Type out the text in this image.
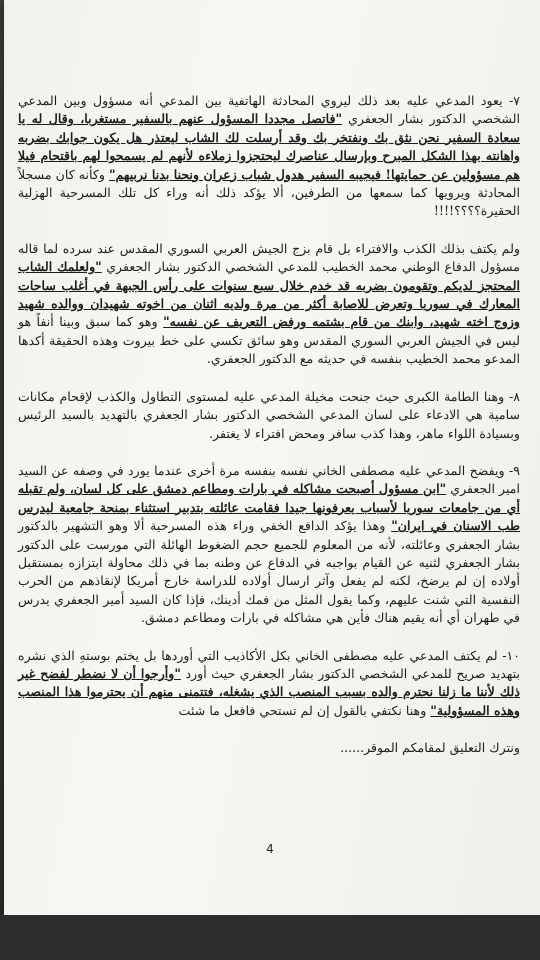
٧- يعود المدعي عليه بعد ذلك ليروي المحادثة الهاتفية بين المدعي أنه مسؤول وبين المدعي الشخصي الدكتور بشار الجعفري "فاتصل مجددا المسؤول عنهم بالسفير مستغربا، وقال له يا سعادة السفير نحن نثق بك ونفتخر بك وقد أرسلت لك الشاب ليعتذر هل يكون جوابك بضربه واهانته بهذا الشكل المبرح وبإرسال عناصرك ليحتجزوا زملاءه لأنهم لم يسمحوا لهم باقتحام فيلا هم مسؤولين عن حمايتها! فيجيبه السفير هدول شباب زعران ونحنا بدنا نربيهم" وكأنه كان مسجلاً المحادثة ويرويها كما سمعها من الطرفين، ألا يؤكد ذلك أنه وراء كل تلك المسرحية الهزلية الحقيرة؟؟؟؟!!!!

ولم يكتف بذلك الكذب والافتراء بل قام بزج الجيش العربي السوري المقدس عند سرده لما قاله مسؤول الدفاع الوطني محمد الخطيب للمدعي الشخصي الدكتور بشار الجعفري "ولعلمك الشاب المحتجز لديكم وتقومون بضربه قد خدم خلال سبع سنوات على رأس الجبهة في أغلب ساحات المعارك في سوريا وتعرض للاصابة أكثر من مرة ولديه اثنان من اخوته شهيدان ووالده شهيد وزوج اخته شهيد، وابنك من قام بشتمه ورفض التعريف عن نفسه" وهو كما سبق وبينا أنفاً هو ليس في الجيش العربي السوري المقدس وهو سائق تكسي على خط بيروت وهذه الحقيقة أكدها المدعو محمد الخطيب بنفسه في حديثه مع الدكتور الجعفري.

٨- وهنا الطامة الكبرى حيث جنحت مخيلة المدعي عليه لمستوى التطاول والكذب لإقحام مكانات سامية هي الادعاء على لسان المدعي الشخصي الدكتور بشار الجعفري بالتهديد بالسيد الرئيس وبسيادة اللواء ماهر، وهذا كذب سافر ومحض افتراء لا يغتفر.

٩- ويفضح المدعي عليه مصطفى الخاني نفسه بنفسه مرة أخرى عندما يورد في وصفه عن السيد امير الجعفري "ابن مسؤول أصبحت مشاكله في بارات ومطاعم دمشق على كل لسان، ولم تقبله أي من جامعات سوريا لأسباب يعرفونها جيدا فقامت عائلته بتدبير استثناء بمنحة جامعية ليدرس طب الاسنان في ايران" وهذا يؤكد الدافع الخفي وراء هذه المسرحية ألا وهو التشهير بالدكتور بشار الجعفري وعائلته، لأنه من المعلوم للجميع حجم الضغوط الهائلة التي مورست على الدكتور بشار الجعفري لثنيه عن القيام بواجبه في الدفاع عن وطنه بما في ذلك محاولة ابتزازه بمستقبل أولاده إن لم يرضخ، لكنه لم يفعل وآثر ارسال أولاده للدراسة خارج أمريكا لإنقاذهم من الحرب النفسية التي شنت عليهم، وكما يقول المثل من فمك أدينك، فإذا كان السيد أمير الجعفري يدرس في طهران أي أنه يقيم هناك فأين هي مشاكله في بارات ومطاعم دمشق.

١٠- لم يكتف المدعي عليه مصطفى الخاني بكل الأكاذيب التي أوردها بل يختم بوستهِ الذي نشره بتهديد صريح للمدعي الشخصي الدكتور بشار الجعفري حيث أورد "وأرجوا أن لا نضطر لفضح غير ذلك لأننا ما زلنا نحترم والده بسبب المنصب الذي يشغله، فتتمنى منهم أن يحترموا هذا المنصب وهذه المسؤولية" وهنا نكتفي بالقول إن لم تستحي فافعل ما شئت

ونترك التعليق لمقامكم الموقر......

4
